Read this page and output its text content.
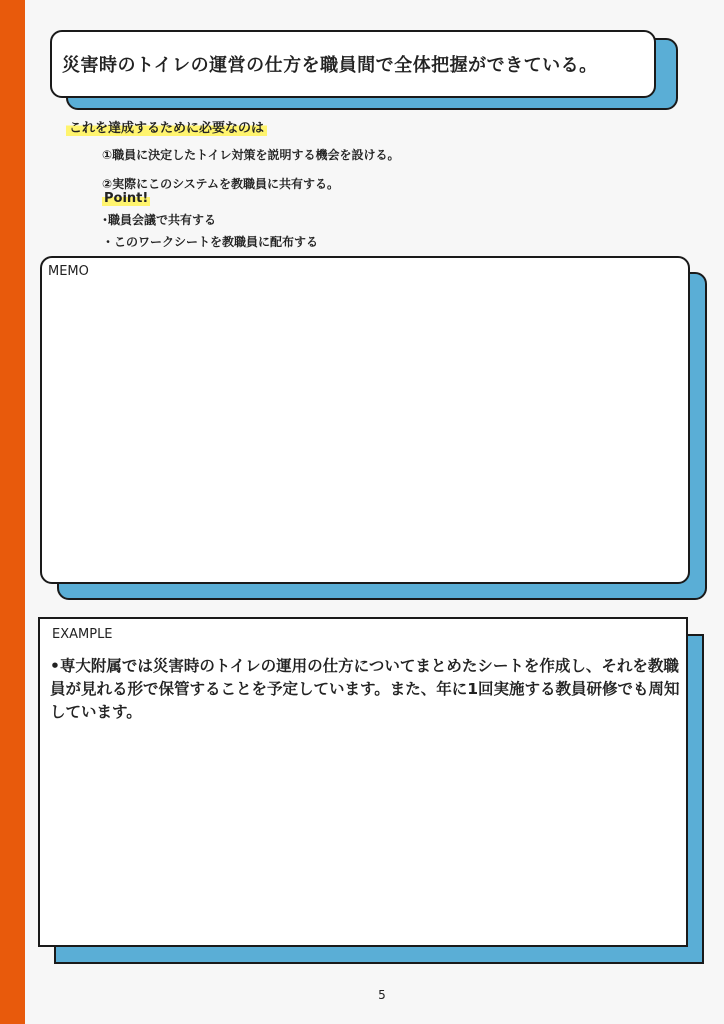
災害時のトイレの運営の仕方を職員間で全体把握ができている。
これを達成するために必要なのは
①職員に決定したトイレ対策を説明する機会を設ける。
②実際にこのシステムを教職員に共有する。
Point!
･職員会議で共有する
・このワークシートを教職員に配布する
MEMO
EXAMPLE
•専大附属では災害時のトイレの運用の仕方についてまとめたシートを作成し、それを教職員が見れる形で保管することを予定しています。また、年に1回実施する教員研修でも周知しています。
5
